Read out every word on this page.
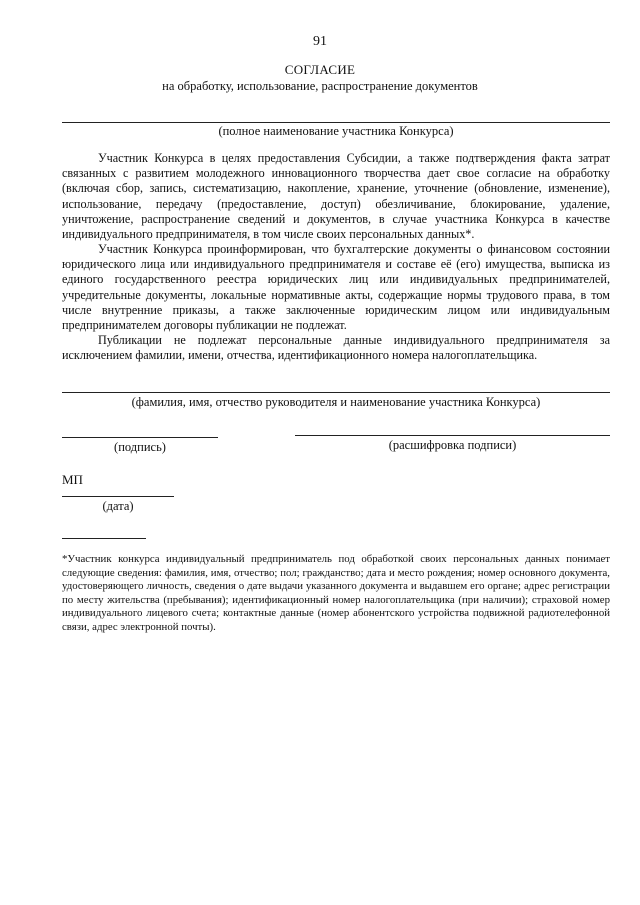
91
СОГЛАСИЕ
на обработку, использование, распространение документов
(полное наименование участника Конкурса)

Участник Конкурса в целях предоставления Субсидии, а также подтверждения факта затрат связанных с развитием молодежного инновационного творчества дает свое согласие на обработку (включая сбор, запись, систематизацию, накопление, хранение, уточнение (обновление, изменение), использование, передачу (предоставление, доступ) обезличивание, блокирование, удаление, уничтожение, распространение сведений и документов, в случае участника Конкурса в качестве индивидуального предпринимателя, в том числе своих персональных данных*.

Участник Конкурса проинформирован, что бухгалтерские документы о финансовом состоянии юридического лица или индивидуального предпринимателя и составе её (его) имущества, выписка из единого государственного реестра юридических лиц или индивидуальных предпринимателей, учредительные документы, локальные нормативные акты, содержащие нормы трудового права, в том числе внутренние приказы, а также заключенные юридическим лицом или индивидуальным предпринимателем договоры публикации не подлежат.

Публикации не подлежат персональные данные индивидуального предпринимателя за исключением фамилии, имени, отчества, идентификационного номера налогоплательщика.

(фамилия, имя, отчество руководителя и наименование участника Конкурса)
(подпись)	(расшифровка подписи)
МП
(дата)

*Участник конкурса индивидуальный предприниматель под обработкой своих персональных данных понимает следующие сведения: фамилия, имя, отчество; пол; гражданство; дата и место рождения; номер основного документа, удостоверяющего личность, сведения о дате выдачи указанного документа и выдавшем его органе; адрес регистрации по месту жительства (пребывания); идентификационный номер налогоплательщика (при наличии); страховой номер индивидуального лицевого счета; контактные данные (номер абонентского устройства подвижной радиотелефонной связи, адрес электронной почты).
